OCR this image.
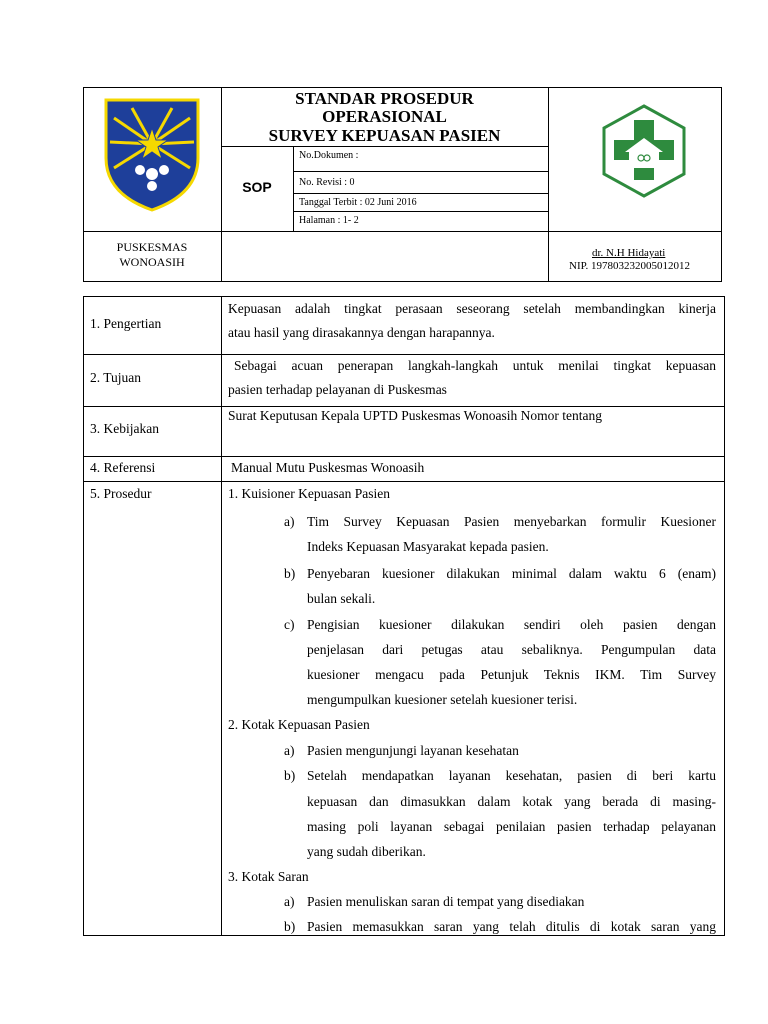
STANDAR PROSEDUR
OPERASIONAL
SURVEY KEPUASAN PASIEN
SOP
No.Dokumen :
No. Revisi : 0
Tanggal Terbit : 02 Juni 2016
Halaman : 1- 2
PUSKESMAS
WONOASIH
dr. N.H Hidayati
NIP. 197803232005012012
1. Pengertian
2. Tujuan
3. Kebijakan
4. Referensi
5. Prosedur
Kepuasan adalah tingkat perasaan seseorang setelah membandingkan kinerja
atau hasil yang dirasakannya dengan harapannya.
Sebagai acuan penerapan langkah-langkah untuk menilai tingkat kepuasan
pasien terhadap pelayanan di Puskesmas
Surat Keputusan Kepala UPTD Puskesmas Wonoasih Nomor tentang
Manual Mutu Puskesmas Wonoasih
1. Kuisioner Kepuasan Pasien
a) Tim Survey Kepuasan Pasien menyebarkan formulir Kuesioner
Indeks Kepuasan Masyarakat kepada pasien.
b) Penyebaran kuesioner dilakukan minimal dalam waktu 6 (enam)
bulan sekali.
c) Pengisian kuesioner dilakukan sendiri oleh pasien dengan
penjelasan dari petugas atau sebaliknya. Pengumpulan data
kuesioner mengacu pada Petunjuk Teknis IKM. Tim Survey
mengumpulkan kuesioner setelah kuesioner terisi.
2. Kotak Kepuasan Pasien
a) Pasien mengunjungi layanan kesehatan
b) Setelah mendapatkan layanan kesehatan, pasien di beri kartu
kepuasan dan dimasukkan dalam kotak yang berada di masing-
masing poli layanan sebagai penilaian pasien terhadap pelayanan
yang sudah diberikan.
3. Kotak Saran
a) Pasien menuliskan saran di tempat yang disediakan
b) Pasien memasukkan saran yang telah ditulis di kotak saran yang
